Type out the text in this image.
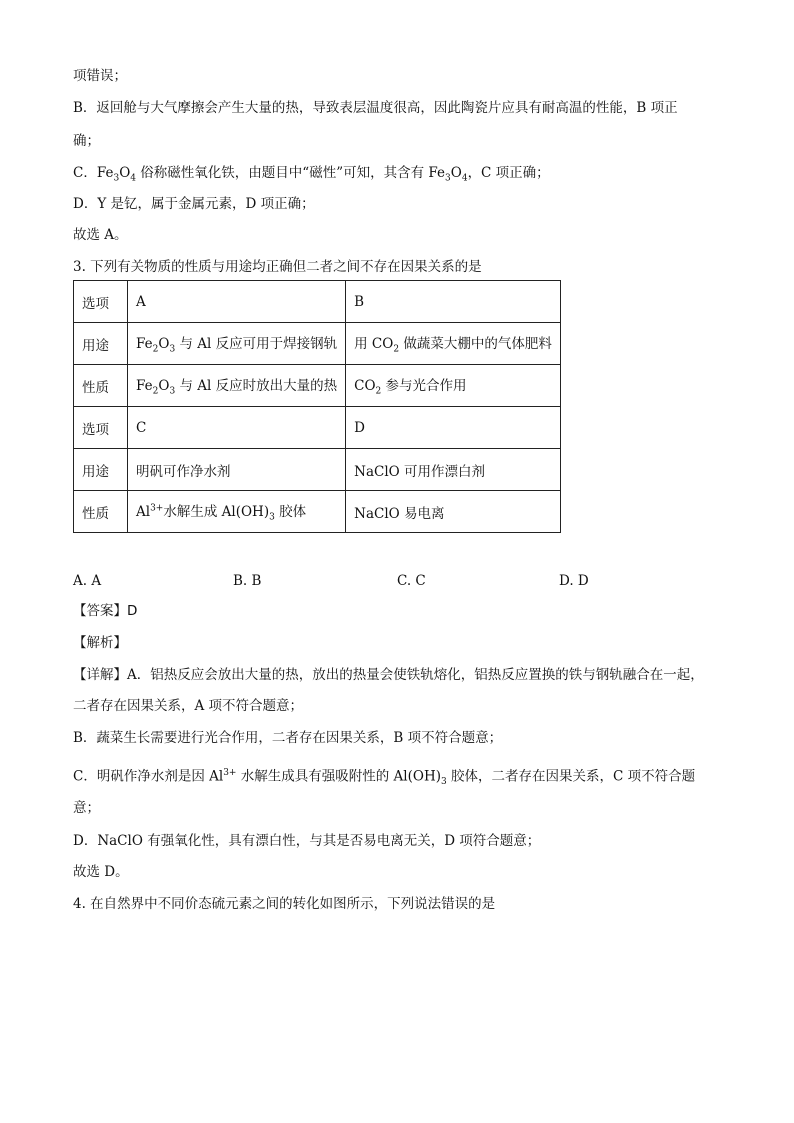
项错误；
B．返回舱与大气摩擦会产生大量的热，导致表层温度很高，因此陶瓷片应具有耐高温的性能，B 项正
确；
C．$Fe_3O_4$ 俗称磁性氧化铁，由题目中“磁性”可知，其含有 $Fe_3O_4$，C 项正确；
D．Y 是钇，属于金属元素，D 项正确；
故选 A。
3. 下列有关物质的性质与用途均正确但二者之间不存在因果关系的是
选项	A	B
用途	$Fe_2O_3$ 与 Al 反应可用于焊接钢轨	用 $CO_2$ 做蔬菜大棚中的气体肥料
性质	$Fe_2O_3$ 与 Al 反应时放出大量的热	$CO_2$ 参与光合作用
选项	C	D
用途	明矾可作净水剂	NaClO 可用作漂白剂
性质	$Al^{3+}$水解生成 $Al(OH)_3$ 胶体	NaClO 易电离
A. A	B. B	C. C	D. D
【答案】D
【解析】
【详解】A．铝热反应会放出大量的热，放出的热量会使铁轨熔化，铝热反应置换的铁与钢轨融合在一起，
二者存在因果关系，A 项不符合题意；
B．蔬菜生长需要进行光合作用，二者存在因果关系，B 项不符合题意；
C．明矾作净水剂是因 $Al^{3+}$ 水解生成具有强吸附性的 $Al(OH)_3$ 胶体，二者存在因果关系，C 项不符合题
意；
D．NaClO 有强氧化性，具有漂白性，与其是否易电离无关，D 项符合题意；
故选 D。
4. 在自然界中不同价态硫元素之间的转化如图所示，下列说法错误的是
